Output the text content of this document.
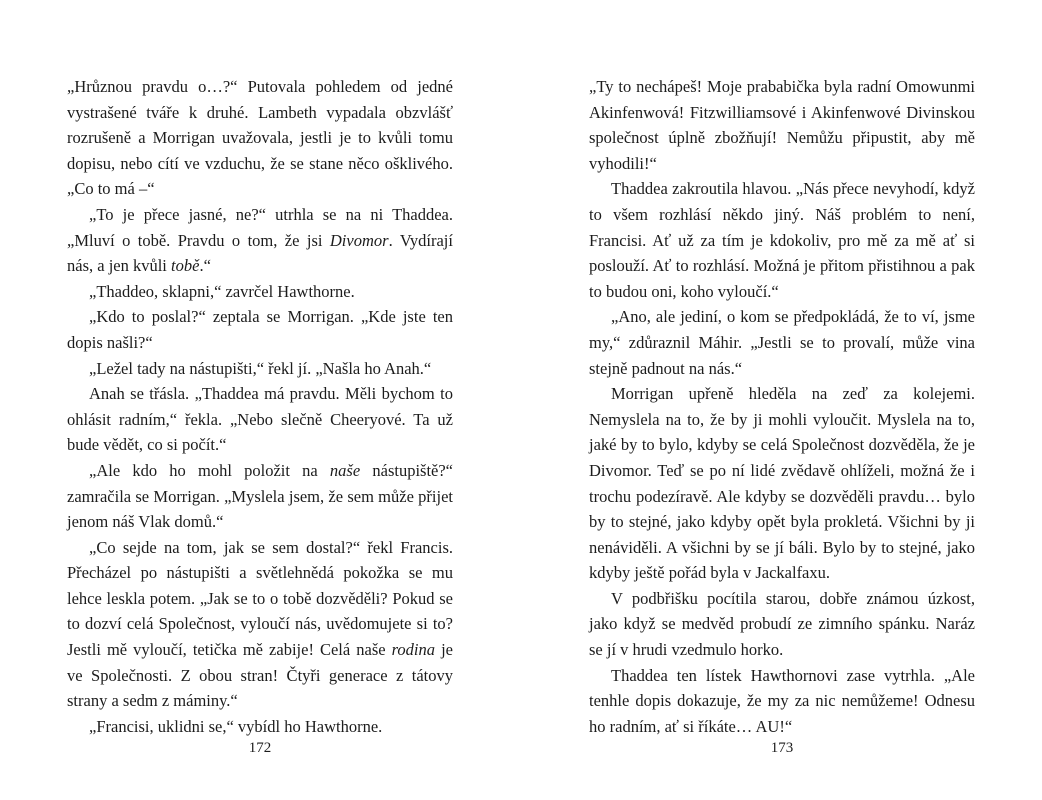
„Hrůznou pravdu o…?“ Putovala pohledem od jedné vystrašené tváře k druhé. Lambeth vypadala obzvlášť rozrušeně a Morrigan uvažovala, jestli je to kvůli tomu dopisu, nebo cítí ve vzduchu, že se stane něco ošklivého. „Co to má –“

„To je přece jasné, ne?“ utrhla se na ni Thaddea. „Mluví o tobě. Pravdu o tom, že jsi Divomor. Vydírají nás, a jen kvůli tobě.“

„Thaddeo, sklapni,“ zavrčel Hawthorne.

„Kdo to poslal?“ zeptala se Morrigan. „Kde jste ten dopis našli?“

„Ležel tady na nástupišti,“ řekl jí. „Našla ho Anah.“

Anah se třásla. „Thaddea má pravdu. Měli bychom to ohlásit radním,“ řekla. „Nebo slečně Cheeryové. Ta už bude vědět, co si počít.“

„Ale kdo ho mohl položit na naše nástupiště?“ zamračila se Morrigan. „Myslela jsem, že sem může přijet jenom náš Vlak domů.“

„Co sejde na tom, jak se sem dostal?“ řekl Francis. Přecházel po nástupišti a světlehnědá pokožka se mu lehce leskla potem. „Jak se to o tobě dozvěděli? Pokud se to dozví celá Společnost, vyloučí nás, uvědomujete si to? Jestli mě vyloučí, tetička mě zabije! Celá naše rodina je ve Společnosti. Z obou stran! Čtyři generace z tátovy strany a sedm z máminy.“

„Francisi, uklidni se,“ vybídl ho Hawthorne.

172

„Ty to nechápeš! Moje prababička byla radní Omowunmi Akinfenwová! Fitzwilliamsové i Akinfenwové Divinskou společnost úplně zbožňují! Nemůžu připustit, aby mě vyhodili!“

Thaddea zakroutila hlavou. „Nás přece nevyhodí, když to všem rozhlásí někdo jiný. Náš problém to není, Francisi. Ať už za tím je kdokoliv, pro mě za mě ať si poslouží. Ať to rozhlásí. Možná je přitom přistihnou a pak to budou oni, koho vyloučí.“

„Ano, ale jediní, o kom se předpokládá, že to ví, jsme my,“ zdůraznil Máhir. „Jestli se to provalí, může vina stejně padnout na nás.“

Morrigan upřeně hleděla na zeď za kolejemi. Nemyslela na to, že by ji mohli vyloučit. Myslela na to, jaké by to bylo, kdyby se celá Společnost dozvěděla, že je Divomor. Teď se po ní lidé zvědavě ohlíželi, možná že i trochu podezíravě. Ale kdyby se dozvěděli pravdu… bylo by to stejné, jako kdyby opět byla prokletá. Všichni by ji nenáviděli. A všichni by se jí báli. Bylo by to stejné, jako kdyby ještě pořád byla v Jackalfaxu.

V podbřišku pocítila starou, dobře známou úzkost, jako když se medvěd probudí ze zimního spánku. Naráz se jí v hrudi vzedmulo horko.

Thaddea ten lístek Hawthornovi zase vytrhla. „Ale tenhle dopis dokazuje, že my za nic nemůžeme! Odnesu ho radním, ať si říkáte… AU!“

173
